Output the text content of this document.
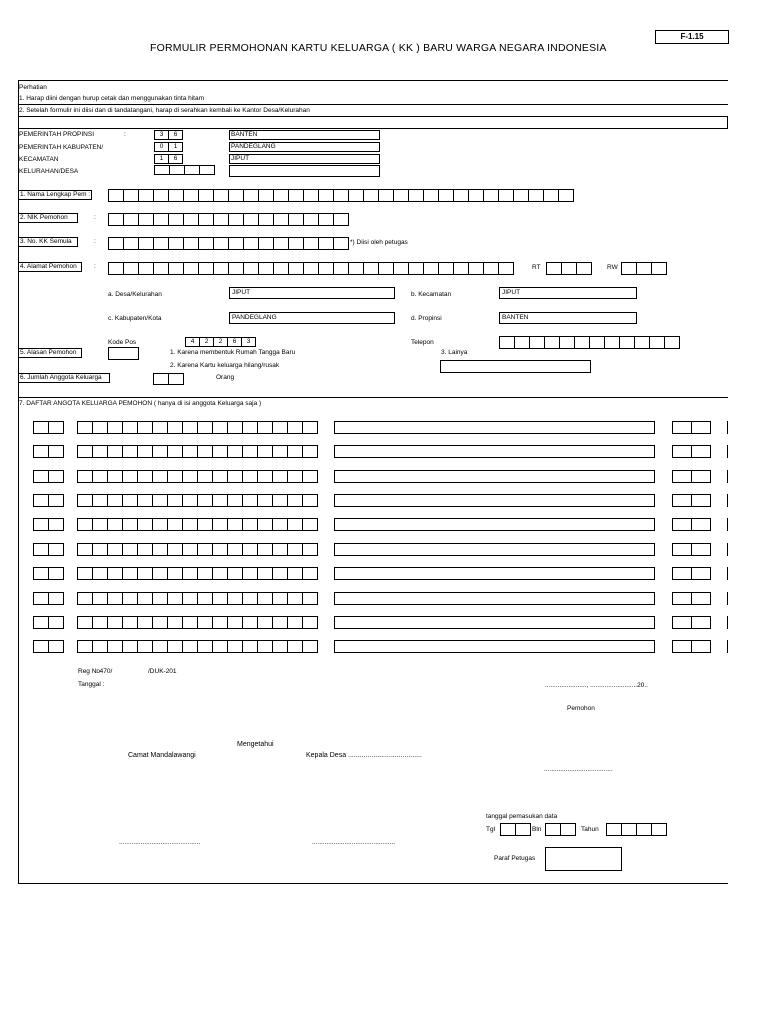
F-1.15
FORMULIR PERMOHONAN KARTU KELUARGA ( KK ) BARU WARGA NEGARA INDONESIA
Perhatian
1. Harap diini dengan hurup cetak dan menggunakan tinta hitam
2. Setelah formulir ini diisi dan di tandatangani, harap di serahkan kembali ke Kantor Desa/Kelurahan
PEMERINTAH PROPINSI	:	3	6	BANTEN
PEMERINTAH KABUPATEN/	0	1	PANDEGLANG
KECAMATAN	1	6	JIPUT
KELURAHAN/DESA
1. Nama Lengkap Pem :
2. NIK Pemohon	:
3. No. KK Semula	:	*) Diisi oleh petugas
4. Alamat Pemohon	:	RT	RW
a. Desa/Kelurahan	JIPUT	b. Kecamatan	JIPUT
c. Kabupaten/Kota	PANDEGLANG	d. Propinsi	BANTEN
Kode Pos	4	2	2	6	3	Telepon
5. Alasan Pemohon	1. Karena membentuk Rumah Tangga Baru
2. Karena Kartu keluarga hilang/rusak
3. Lainya
6. Jumlah Anggota Keluarga	Orang
7. DAFTAR ANGOTA KELUARGA PEMOHON ( hanya di isi anggota Keluarga saja )
Reg No
: 470/	/DUK-201
Tanggal :	......................., ..........................20..
Pemohon
Mengetahui
Camat Mandalawangi	Kepala Desa ......................................
......................................
.............................................	..............................................
tanggal pemasukan data
Tgl	Bln	Tahun
Paraf Petugas
